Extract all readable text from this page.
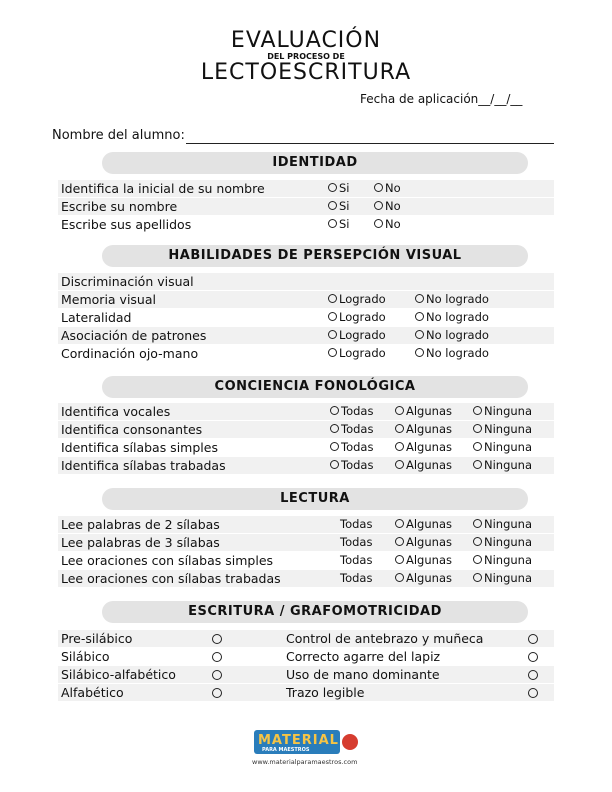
EVALUACIÓN
DEL PROCESO DE
LECTOESCRITURA
Fecha de aplicación__/__/__
Nombre del alumno:
IDENTIDAD
Identifica la inicial de su nombre	Si	No
Escribe su nombre	Si	No
Escribe sus apellidos	Si	No
HABILIDADES DE PERSEPCIÓN VISUAL
Discriminación visual
Memoria visual	Logrado	No logrado
Lateralidad	Logrado	No logrado
Asociación de patrones	Logrado	No logrado
Cordinación ojo-mano	Logrado	No logrado
CONCIENCIA FONOLÓGICA
Identifica vocales	Todas	Algunas	Ninguna
Identifica consonantes	Todas	Algunas	Ninguna
Identifica sílabas simples	Todas	Algunas	Ninguna
Identifica sílabas trabadas	Todas	Algunas	Ninguna
LECTURA
Lee palabras de 2 sílabas	Todas	Algunas	Ninguna
Lee palabras de 3 sílabas	Todas	Algunas	Ninguna
Lee oraciones con sílabas simples	Todas	Algunas	Ninguna
Lee oraciones con sílabas trabadas	Todas	Algunas	Ninguna
ESCRITURA / GRAFOMOTRICIDAD
Pre-silábico	Control de antebrazo y muñeca
Silábico	Correcto agarre del lapiz
Silábico-alfabético	Uso de mano dominante
Alfabético	Trazo legible
MATERIAL
PARA MAESTROS
www.materialparamaestros.com
